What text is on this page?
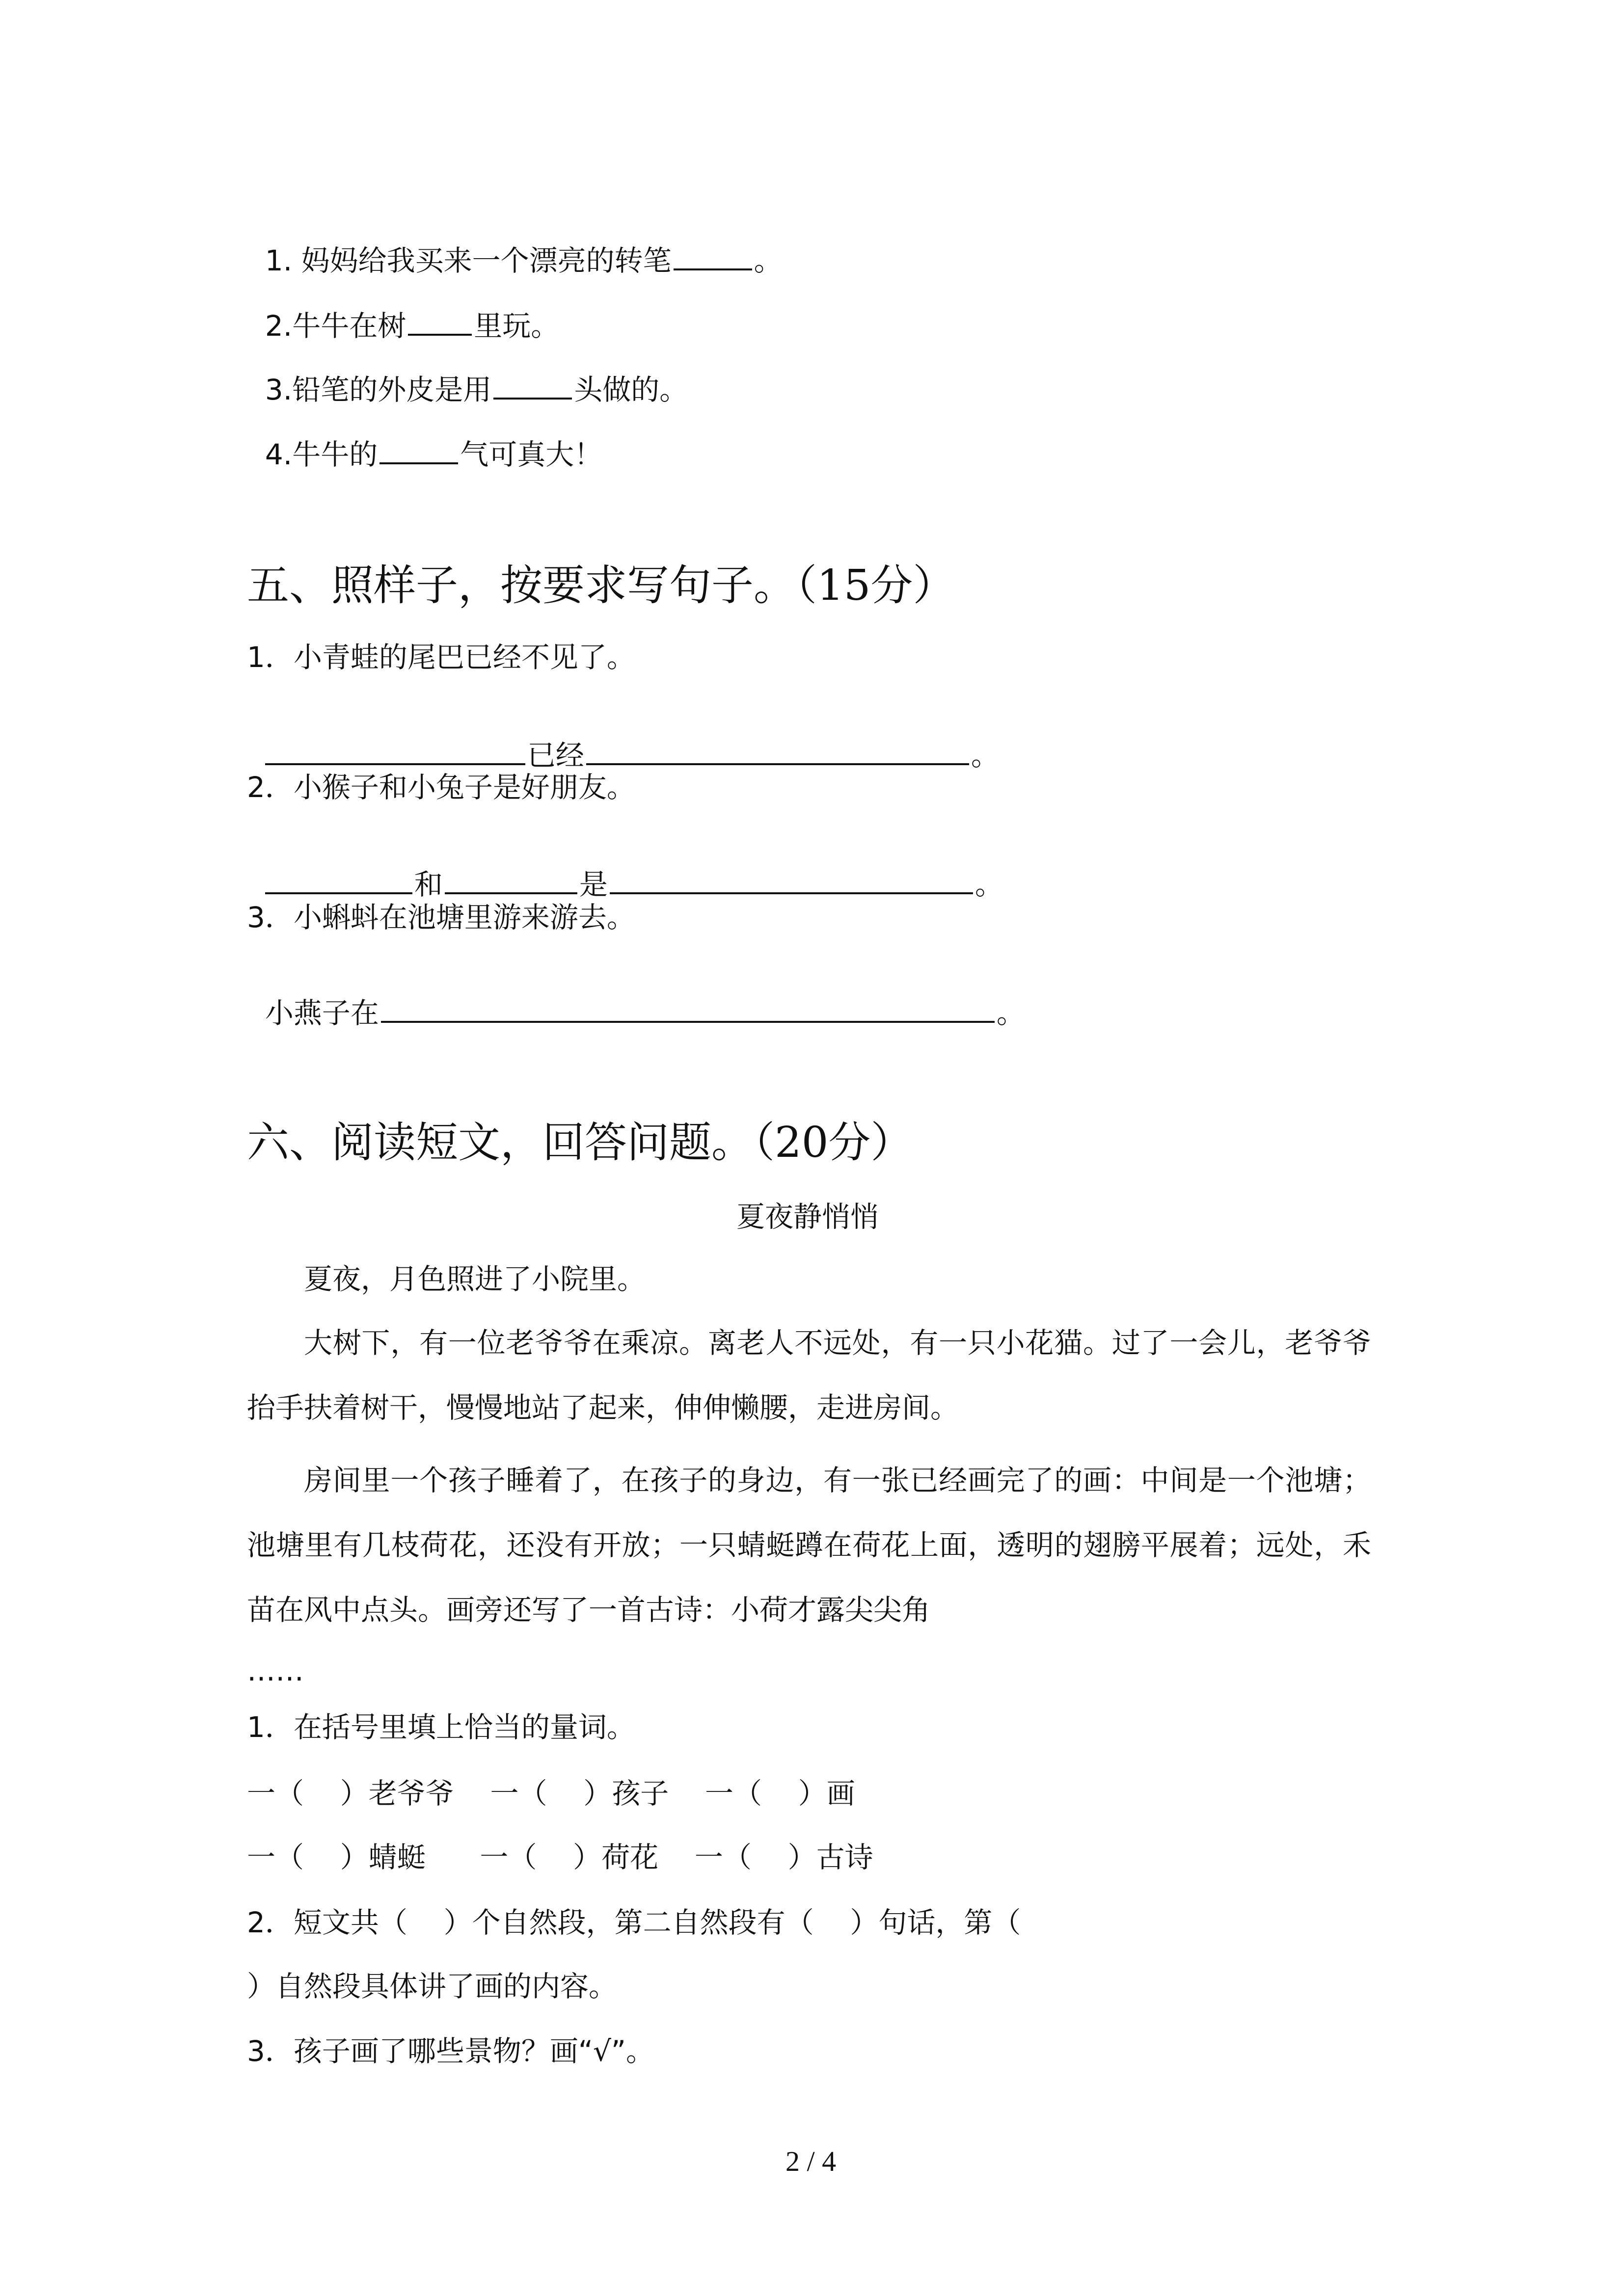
1. 妈妈给我买来一个漂亮的转笔	。

2.牛牛在树 里玩。

3.铅笔的外皮是用	头做的。

4.牛牛的	气可真大！

五、照样子，按要求写句子。（15分）
1．小青蛙的尾巴已经不见了。

已经	。

2．小猴子和小兔子是好朋友。

和	是	。

3．小蝌蚪在池塘里游来游去。

小燕子在	。

六、阅读短文，回答问题。（20分）
夏夜静悄悄
夏夜，月色照进了小院里。
大树下，有一位老爷爷在乘凉。离老人不远处，有一只小花猫。过了一会儿，老爷爷抬手扶着树干，慢慢地站了起来，伸伸懒腰，走进房间。
房间里一个孩子睡着了，在孩子的身边，有一张已经画完了的画：中间是一个池塘；池塘里有几枝荷花，还没有开放；一只蜻蜓蹲在荷花上面，透明的翅膀平展着；远处，禾苗在风中点头。画旁还写了一首古诗：小荷才露尖尖角
……
1．在括号里填上恰当的量词。
一（    ）老爷爷    一（    ）孩子    一（    ）画
一（    ）蜻蜓      一（    ）荷花    一（    ）古诗
2．短文共（    ）个自然段，第二自然段有（    ）句话，第（
）自然段具体讲了画的内容。
3．孩子画了哪些景物？画“√”。
2 / 4
